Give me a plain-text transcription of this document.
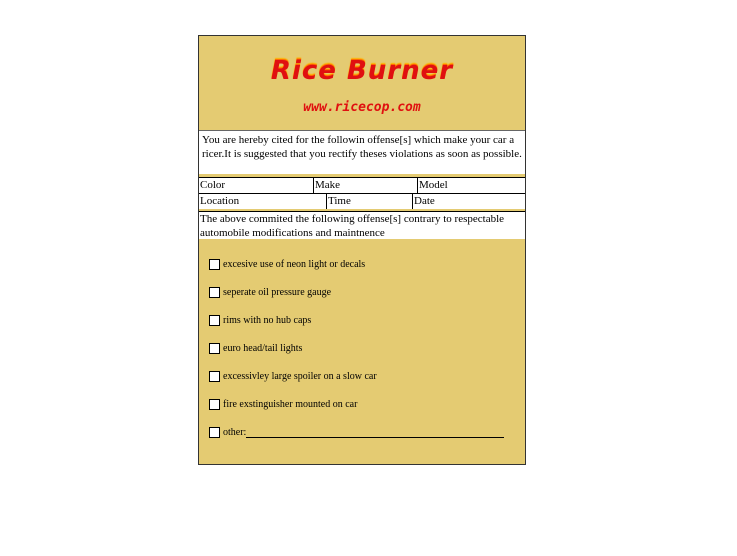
Rice Burner
www.ricecop.com
You are hereby cited for the followin offense[s] which make your car a ricer.It is suggested that you rectify theses violations as soon as possible.
Color	Make	Model
Location	Time	Date
The above commited the following offense[s] contrary to respectable automobile modifications and maintnence
excesive use of neon light or decals
seperate oil pressure gauge
rims with no hub caps
euro head/tail lights
excessivley large spoiler on a slow car
fire exstinguisher mounted on car
other:
